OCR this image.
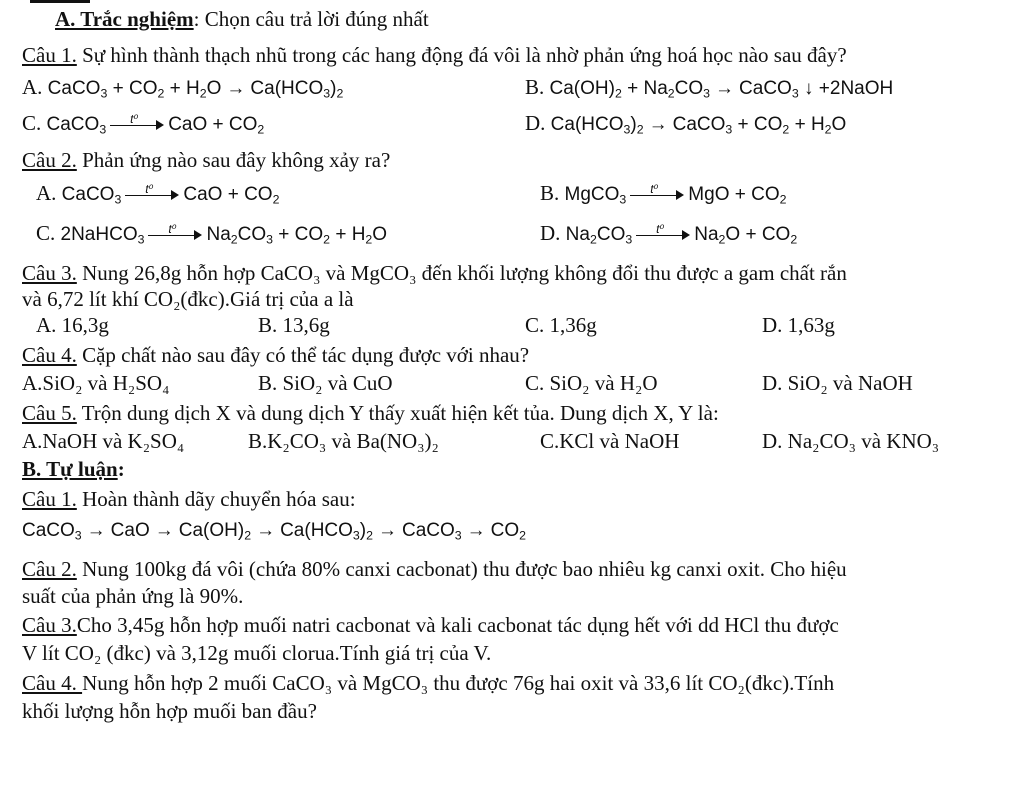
A. Trắc nghiệm: Chọn câu trả lời đúng nhất
Câu 1. Sự hình thành thạch nhũ trong các hang động đá vôi là nhờ phản ứng hoá học nào sau đây?
A. CaCO$_3$ + $CO_2 + H_2O \to Ca(HCO_3)_2$	B. $Ca(OH)_2 + Na_2CO_3$ → CaCO$_3$ ↓ +2NaOH
C. CaCO$_3$
t⁰	CaO + $CO_2$	D. $Ca(HCO_3)_2$ → CaCO$_3$ + $CO_2 + H_2O$
Câu 2. Phản ứng nào sau đây không xảy ra?
A. CaCO$_3$
t⁰	CaO + $CO_2$	B. MgCO$_3$
t⁰	MgO + $CO_2$
C. 2NaHCO$_3$
t⁰	$Na_2CO_3 + CO_2 + H_2O$	D. $Na_2CO_3$
t⁰	$Na_2O + CO_2$
Câu 3. Nung 26,8g hỗn hợp CaCO₃ và MgCO₃ đến khối lượng không đổi thu được a gam chất rắn
và 6,72 lít khí CO₂(đkc).Giá trị của a là
A. 16,3g	B. 13,6g	C. 1,36g	D. 1,63g
Câu 4. Cặp chất nào sau đây có thể tác dụng được với nhau?
A.SiO₂ và H₂SO₄	B. SiO₂ và CuO	C. SiO₂ và H₂O	D. SiO₂ và NaOH
Câu 5. Trộn dung dịch X và dung dịch Y thấy xuất hiện kết tủa. Dung dịch X, Y là:
A.NaOH và K₂SO₄	B.K₂CO₃ và Ba(NO₃)₂	C.KCl và NaOH	D. Na₂CO₃ và KNO₃
B. Tự luận:
Câu 1. Hoàn thành dãy chuyển hóa sau:
CaCO$_3$ → CaO → $Ca(OH)_2 \to Ca(HCO_3)_2$ → CaCO$_3$ → $CO_2$
Câu 2. Nung 100kg đá vôi (chứa 80% canxi cacbonat) thu được bao nhiêu kg canxi oxit. Cho hiệu
suất của phản ứng là 90%.
Câu 3.Cho 3,45g hỗn hợp muối natri cacbonat và kali cacbonat tác dụng hết với dd HCl thu được
V lít CO₂ (đkc) và 3,12g muối clorua.Tính giá trị của V.
Câu 4. Nung hỗn hợp 2 muối CaCO₃ và MgCO₃ thu được 76g hai oxit và 33,6 lít CO₂(đkc).Tính
khối lượng hỗn hợp muối ban đầu?
